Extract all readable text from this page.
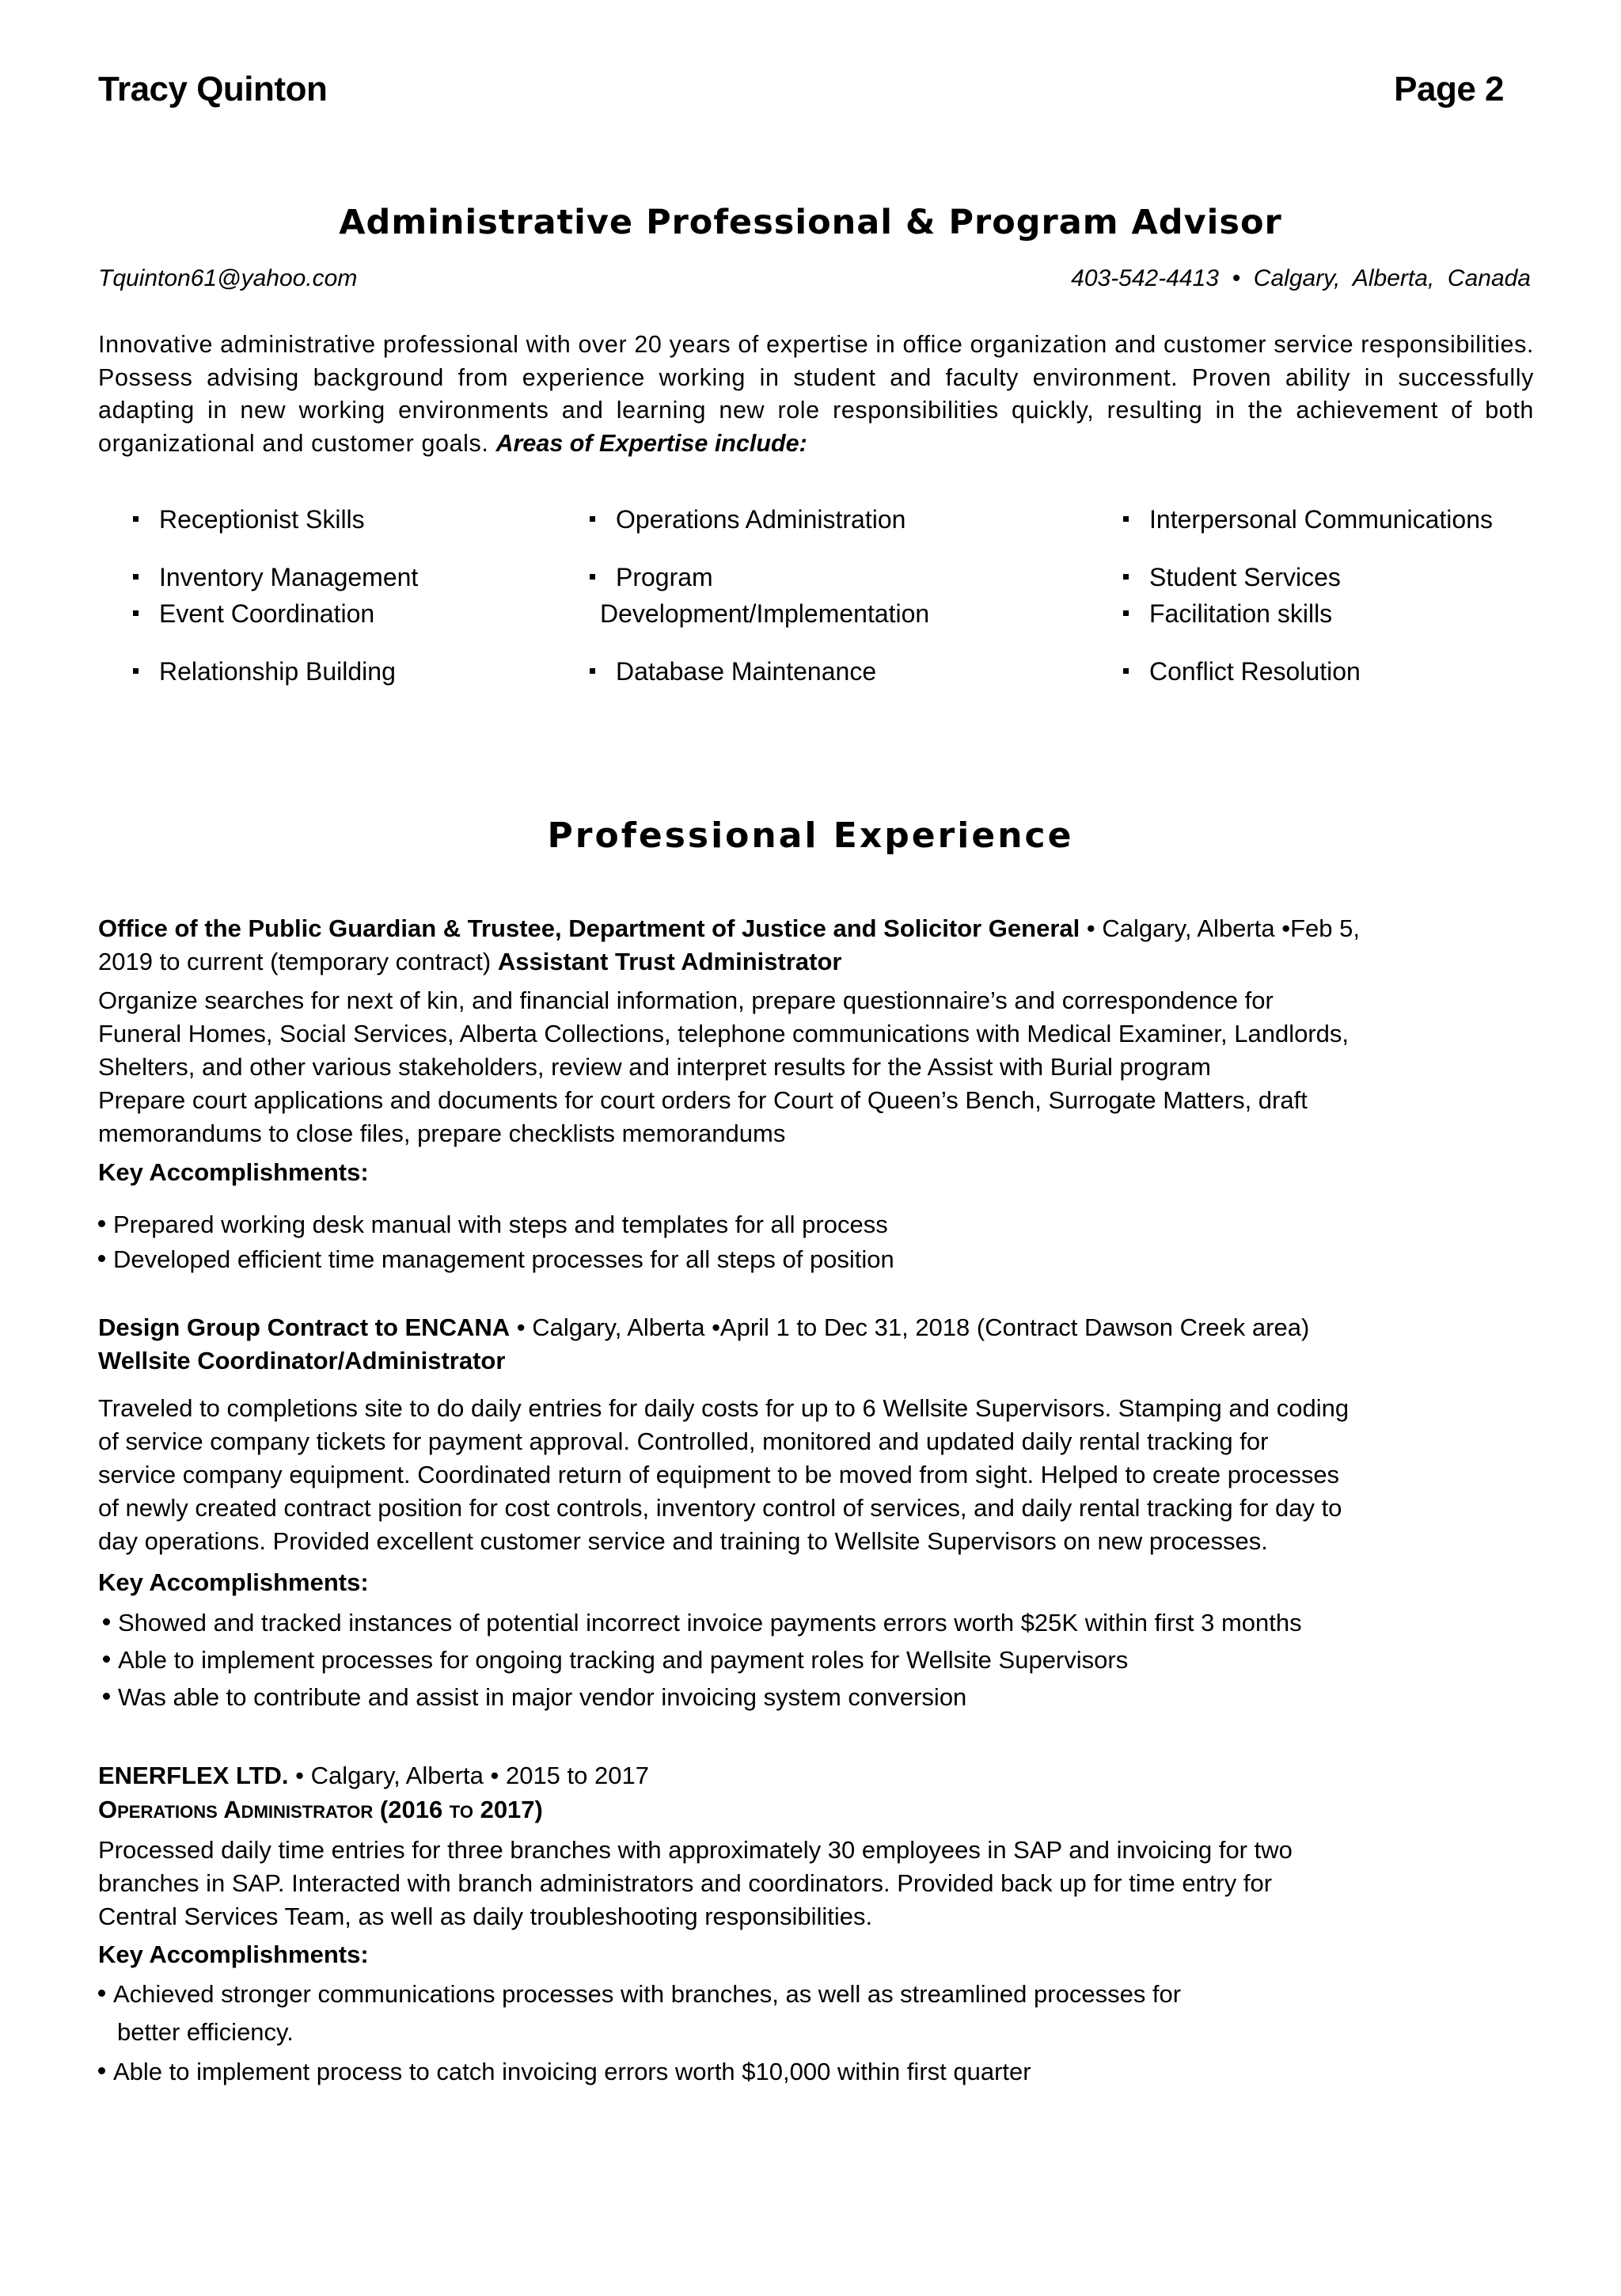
Tracy Quinton	Page 2
Administrative Professional & Program Advisor
Tquinton61@yahoo.com	403-542-4413  •  Calgary,  Alberta,  Canada

Innovative administrative professional with over 20 years of expertise in office organization and customer service responsibilities. Possess advising background from experience working in student and faculty environment. Proven ability in successfully adapting in new working environments and learning new role responsibilities quickly, resulting in the achievement of both organizational and customer goals. Areas of Expertise include:

Receptionist Skills
Inventory Management
Event Coordination
Relationship Building
Operations Administration
Program
Development/Implementation
Database Maintenance
Interpersonal Communications
Student Services
Facilitation skills
Conflict Resolution
Professional Experience
Office of the Public Guardian & Trustee, Department of Justice and Solicitor General • Calgary, Alberta •Feb 5,
2019 to current (temporary contract) Assistant Trust Administrator
Organize searches for next of kin, and financial information, prepare questionnaire’s and correspondence for
Funeral Homes, Social Services, Alberta Collections, telephone communications with Medical Examiner, Landlords,
Shelters, and other various stakeholders, review and interpret results for the Assist with Burial program
Prepare court applications and documents for court orders for Court of Queen’s Bench, Surrogate Matters, draft
memorandums to close files, prepare checklists memorandums
Key Accomplishments:
Prepared working desk manual with steps and templates for all process
Developed efficient time management processes for all steps of position
Design Group Contract to ENCANA • Calgary, Alberta •April 1 to Dec 31, 2018 (Contract Dawson Creek area)
Wellsite Coordinator/Administrator
Traveled to completions site to do daily entries for daily costs for up to 6 Wellsite Supervisors. Stamping and coding
of service company tickets for payment approval. Controlled, monitored and updated daily rental tracking for
service company equipment. Coordinated return of equipment to be moved from sight. Helped to create processes
of newly created contract position for cost controls, inventory control of services, and daily rental tracking for day to
day operations. Provided excellent customer service and training to Wellsite Supervisors on new processes.
Key Accomplishments:
Showed and tracked instances of potential incorrect invoice payments errors worth $25K within first 3 months
Able to implement processes for ongoing tracking and payment roles for Wellsite Supervisors
Was able to contribute and assist in major vendor invoicing system conversion
ENERFLEX LTD. • Calgary, Alberta • 2015 to 2017
Operations Administrator (2016 to 2017)
Processed daily time entries for three branches with approximately 30 employees in SAP and invoicing for two
branches in SAP. Interacted with branch administrators and coordinators. Provided back up for time entry for
Central Services Team, as well as daily troubleshooting responsibilities.
Key Accomplishments:
Achieved stronger communications processes with branches, as well as streamlined processes for
better efficiency.
Able to implement process to catch invoicing errors worth $10,000 within first quarter
